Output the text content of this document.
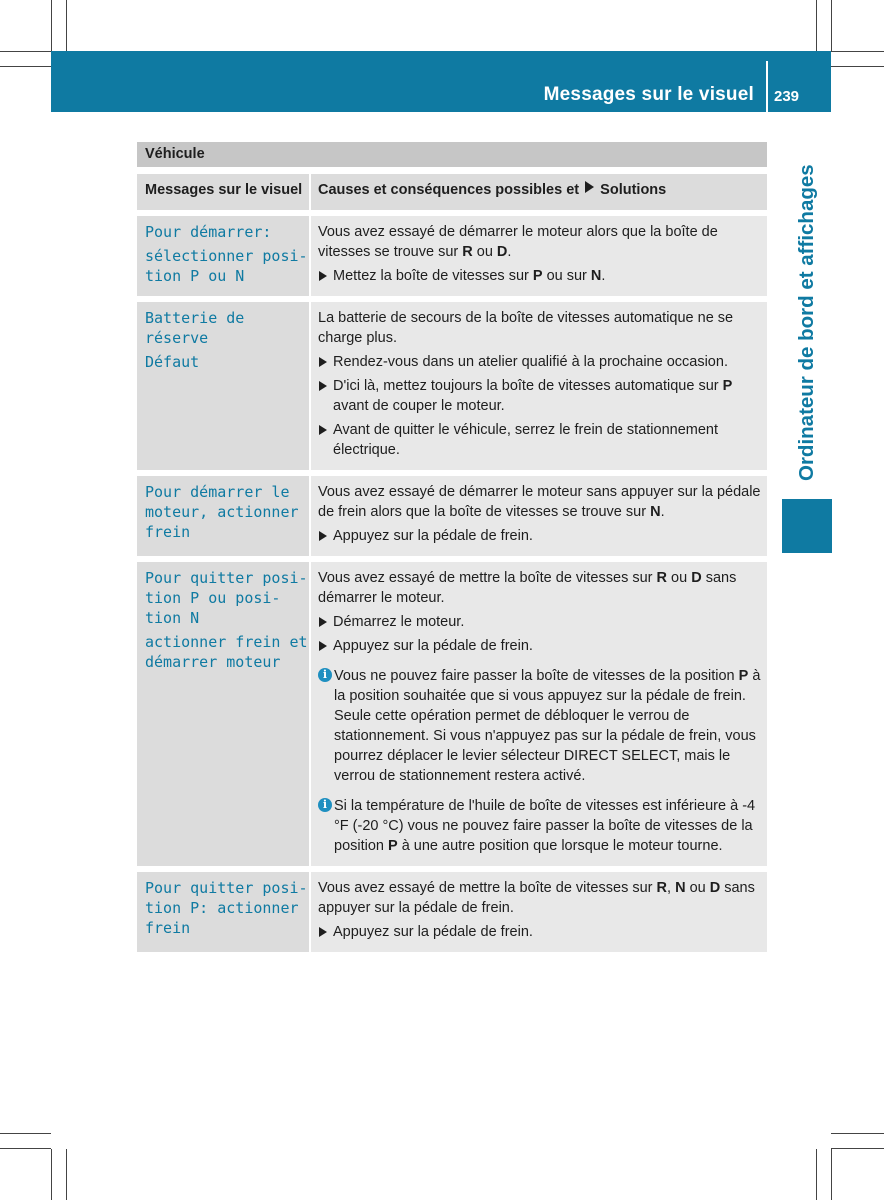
Messages sur le visuel 239
Ordinateur de bord et affichages
Véhicule
Messages sur le visuel	Causes et conséquences possibles et Solutions

Pour démarrer:

sélectionner posi- tion P ou N

Vous avez essayé de démarrer le moteur alors que la boîte de vitesses se trouve sur R ou D.

Mettez la boîte de vitesses sur P ou sur N.

Batterie de réserve

Défaut

La batterie de secours de la boîte de vitesses automatique ne se charge plus.

Rendez-vous dans un atelier qualifié à la prochaine occasion.

D'ici là, mettez toujours la boîte de vitesses automatique sur P avant de couper le moteur.

Avant de quitter le véhicule, serrez le frein de stationnement électrique.

Pour démarrer le moteur, actionner frein

Vous avez essayé de démarrer le moteur sans appuyer sur la pédale de frein alors que la boîte de vitesses se trouve sur N.

Appuyez sur la pédale de frein.

Pour quitter posi- tion P ou posi- tion N

actionner frein et démarrer moteur

Vous avez essayé de mettre la boîte de vitesses sur R ou D sans démarrer le moteur.

Démarrez le moteur.

Appuyez sur la pédale de frein.

i Vous ne pouvez faire passer la boîte de vitesses de la position P à la position souhaitée que si vous appuyez sur la pédale de frein. Seule cette opération permet de débloquer le verrou de stationnement. Si vous n'appuyez pas sur la pédale de frein, vous pourrez déplacer le levier sélecteur DIRECT SELECT, mais le verrou de stationnement restera activé.

i Si la température de l'huile de boîte de vitesses est inférieure à -4 °F (-20 °C) vous ne pouvez faire passer la boîte de vitesses de la position P à une autre position que lorsque le moteur tourne.

Pour quitter posi- tion P: actionner frein

Vous avez essayé de mettre la boîte de vitesses sur R, N ou D sans appuyer sur la pédale de frein.

Appuyez sur la pédale de frein.
